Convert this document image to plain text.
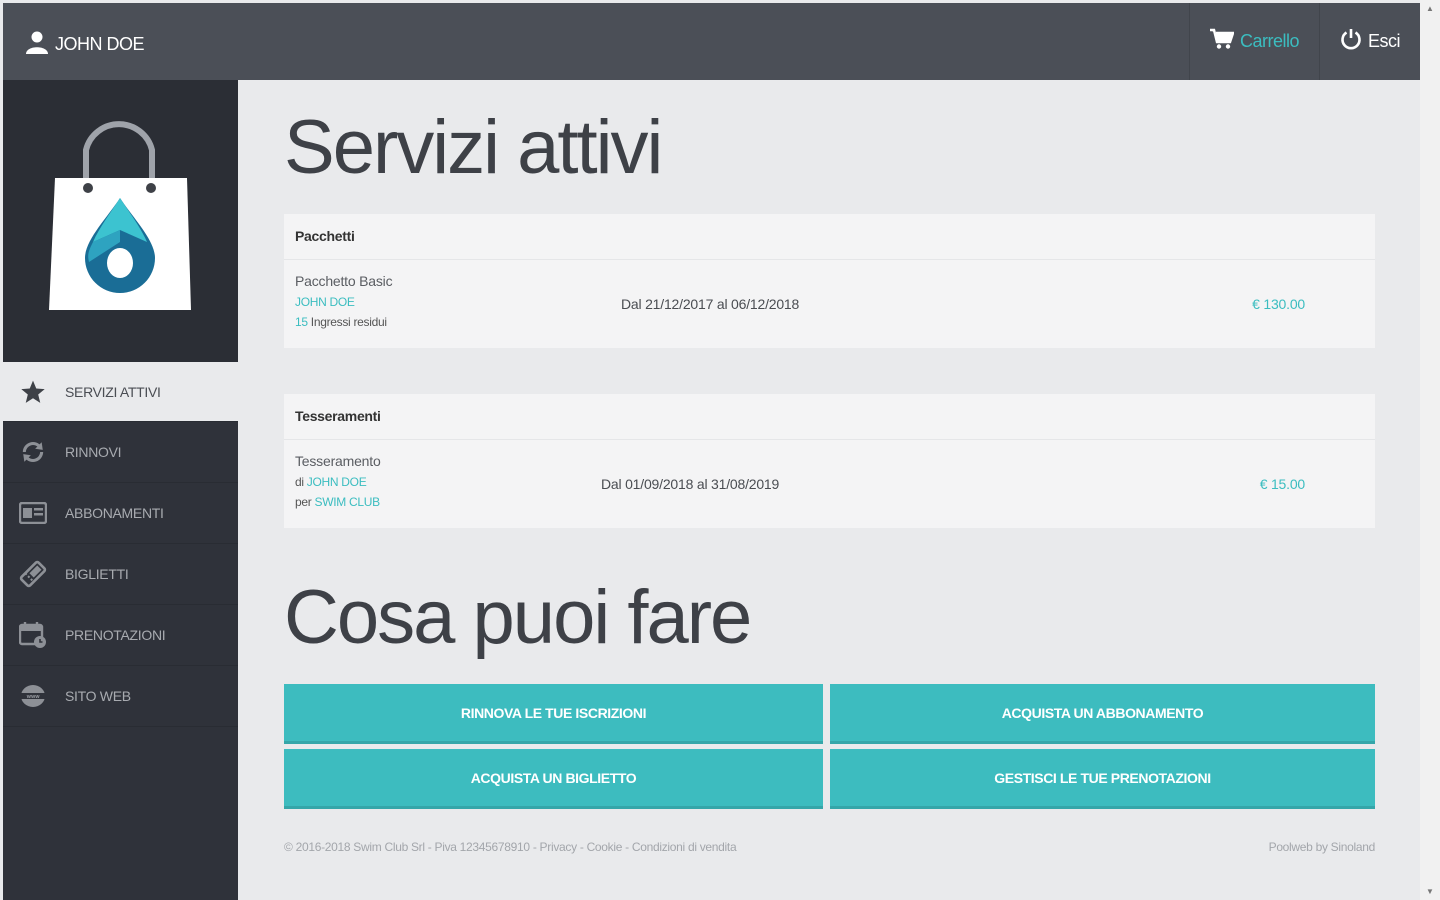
JOHN DOE	Carrello	Esci
SERVIZI ATTIVI
RINNOVI
ABBONAMENTI
BIGLIETTI
PRENOTAZIONI
www SITO WEB
Servizi attivi
Pacchetti
Pacchetto Basic
JOHN DOE
15 Ingressi residui
Dal 21/12/2017 al 06/12/2018	€ 130.00
Tesseramenti
Tesseramento
di JOHN DOE
per SWIM CLUB
Dal 01/09/2018 al 31/08/2019	€ 15.00
Cosa puoi fare
RINNOVA LE TUE ISCRIZIONI	ACQUISTA UN ABBONAMENTO
ACQUISTA UN BIGLIETTO	GESTISCI LE TUE PRENOTAZIONI
© 2016-2018 Swim Club Srl - Piva 12345678910 - Privacy - Cookie - Condizioni di vendita	Poolweb by Sinoland
▲
▼
